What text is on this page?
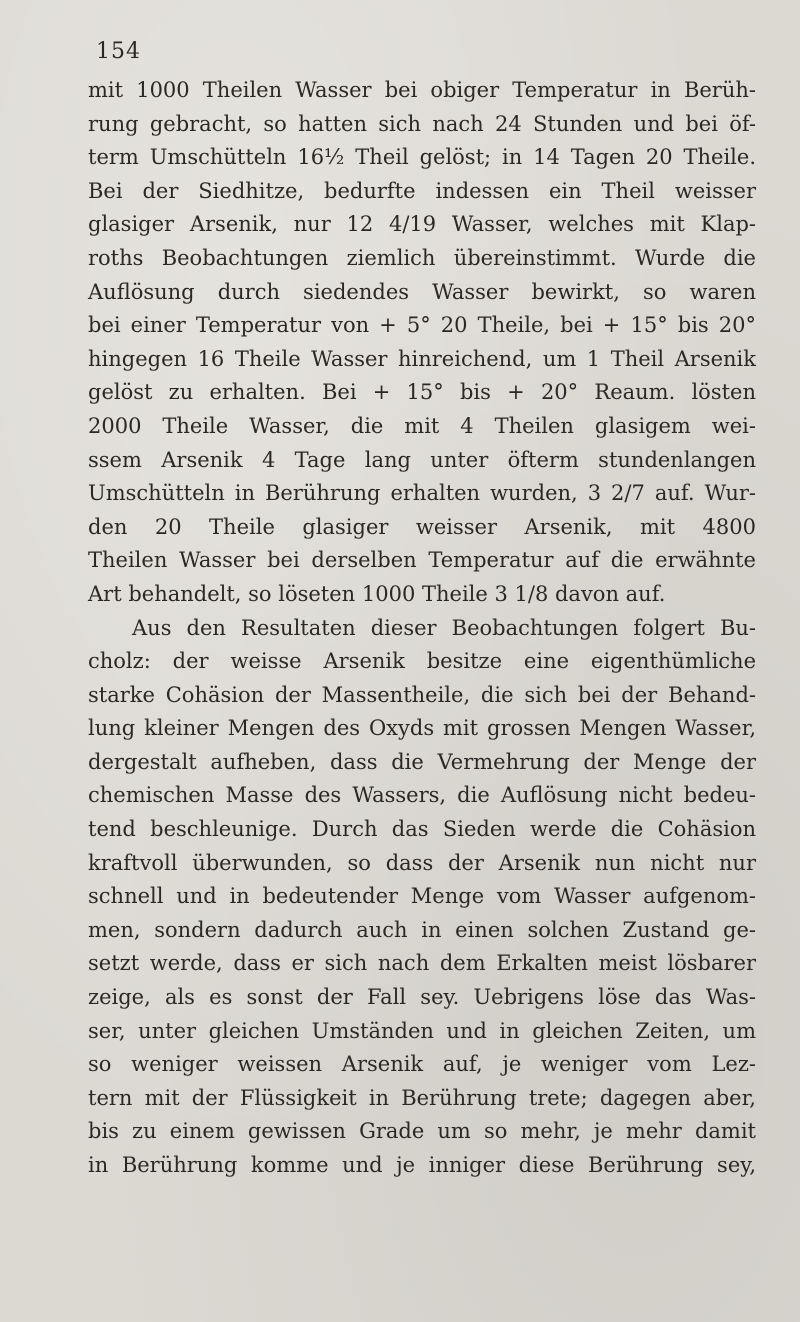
154
mit 1000 Theilen Wasser bei obiger Temperatur in Berüh-
rung gebracht, so hatten sich nach 24 Stunden und bei öf-
term Umschütteln 16½ Theil gelöst; in 14 Tagen 20 Theile.
Bei der Siedhitze, bedurfte indessen ein Theil weisser
glasiger Arsenik, nur 12 4/19 Wasser, welches mit Klap-
roths Beobachtungen ziemlich übereinstimmt. Wurde die
Auflösung durch siedendes Wasser bewirkt, so waren
bei einer Temperatur von + 5° 20 Theile, bei + 15° bis 20°
hingegen 16 Theile Wasser hinreichend, um 1 Theil Arsenik
gelöst zu erhalten. Bei + 15° bis + 20° Reaum. lösten
2000 Theile Wasser, die mit 4 Theilen glasigem wei-
ssem Arsenik 4 Tage lang unter öfterm stundenlangen
Umschütteln in Berührung erhalten wurden, 3 2/7 auf. Wur-
den 20 Theile glasiger weisser Arsenik, mit 4800
Theilen Wasser bei derselben Temperatur auf die erwähnte
Art behandelt, so löseten 1000 Theile 3 1/8 davon auf.
Aus den Resultaten dieser Beobachtungen folgert Bu-
cholz: der weisse Arsenik besitze eine eigenthümliche
starke Cohäsion der Massentheile, die sich bei der Behand-
lung kleiner Mengen des Oxyds mit grossen Mengen Wasser,
dergestalt aufheben, dass die Vermehrung der Menge der
chemischen Masse des Wassers, die Auflösung nicht bedeu-
tend beschleunige. Durch das Sieden werde die Cohäsion
kraftvoll überwunden, so dass der Arsenik nun nicht nur
schnell und in bedeutender Menge vom Wasser aufgenom-
men, sondern dadurch auch in einen solchen Zustand ge-
setzt werde, dass er sich nach dem Erkalten meist lösbarer
zeige, als es sonst der Fall sey. Uebrigens löse das Was-
ser, unter gleichen Umständen und in gleichen Zeiten, um
so weniger weissen Arsenik auf, je weniger vom Lez-
tern mit der Flüssigkeit in Berührung trete; dagegen aber,
bis zu einem gewissen Grade um so mehr, je mehr damit
in Berührung komme und je inniger diese Berührung sey,
